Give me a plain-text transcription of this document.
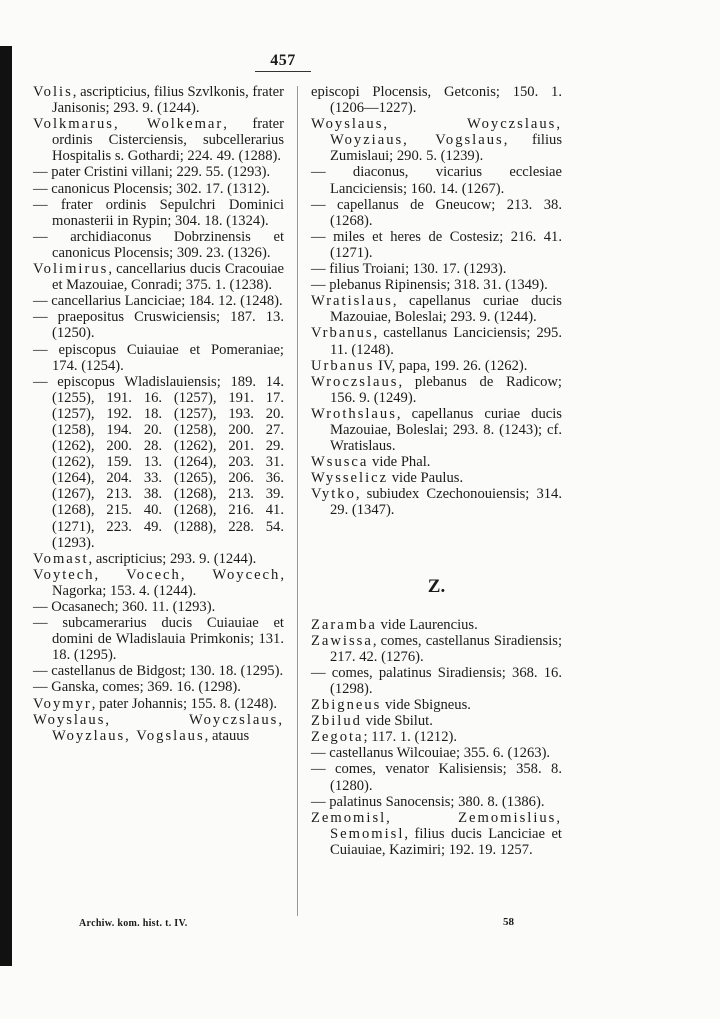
457

Volis, ascripticius, filius Szvlkonis, frater Janisonis; 293. 9. (1244).

Volkmarus, Wolkemar, frater ordinis Cisterciensis, subcellerarius Hospitalis s. Gothardi; 224. 49. (1288).

— pater Cristini villani; 229. 55. (1293).

— canonicus Plocensis; 302. 17. (1312).

— frater ordinis Sepulchri Dominici monasterii in Rypin; 304. 18. (1324).

— archidiaconus Dobrzinensis et canonicus Plocensis; 309. 23. (1326).

Volimirus, cancellarius ducis Cracouiae et Mazouiae, Conradi; 375. 1. (1238).

— cancellarius Lanciciae; 184. 12. (1248).

— praepositus Cruswiciensis; 187. 13. (1250).

— episcopus Cuiauiae et Pomeraniae; 174. (1254).

— episcopus Wladislauiensis; 189. 14. (1255), 191. 16. (1257), 191. 17. (1257), 192. 18. (1257), 193. 20. (1258), 194. 20. (1258), 200. 27. (1262), 200. 28. (1262), 201. 29. (1262), 159. 13. (1264), 203. 31. (1264), 204. 33. (1265), 206. 36. (1267), 213. 38. (1268), 213. 39. (1268), 215. 40. (1268), 216. 41. (1271), 223. 49. (1288), 228. 54. (1293).

Vomast, ascripticius; 293. 9. (1244).

Voytech, Vocech, Woycech, Nagorka; 153. 4. (1244).

— Ocasanech; 360. 11. (1293).

— subcamerarius ducis Cuiauiae et domini de Wladislauia Primkonis; 131. 18. (1295).

— castellanus de Bidgost; 130. 18. (1295).

— Ganska, comes; 369. 16. (1298).

Voymyr, pater Johannis; 155. 8. (1248).

Woyslaus, Woyczslaus, Woyzlaus, Vogslaus, atauus

episcopi Plocensis, Getconis; 150. 1. (1206—1227).

Woyslaus, Woyczslaus, Woyziaus, Vogslaus, filius Zumislaui; 290. 5. (1239).

— diaconus, vicarius ecclesiae Lanciciensis; 160. 14. (1267).

— capellanus de Gneucow; 213. 38. (1268).

— miles et heres de Costesiz; 216. 41. (1271).

— filius Troiani; 130. 17. (1293).

— plebanus Ripinensis; 318. 31. (1349).

Wratislaus, capellanus curiae ducis Mazouiae, Boleslai; 293. 9. (1244).

Vrbanus, castellanus Lanciciensis; 295. 11. (1248).

Urbanus IV, papa, 199. 26. (1262).

Wroczslaus, plebanus de Radicow; 156. 9. (1249).

Wrothslaus, capellanus curiae ducis Mazouiae, Boleslai; 293. 8. (1243); cf. Wratislaus.

Wsusca vide Phal.

Wysselicz vide Paulus.

Vytko, subiudex Czechonouiensis; 314. 29. (1347).

Z.

Zaramba vide Laurencius.

Zawissa, comes, castellanus Siradiensis; 217. 42. (1276).

— comes, palatinus Siradiensis; 368. 16. (1298).

Zbigneus vide Sbigneus.

Zbilud vide Sbilut.

Zegota; 117. 1. (1212).

— castellanus Wilcouiae; 355. 6. (1263).

— comes, venator Kalisiensis; 358. 8. (1280).

— palatinus Sanocensis; 380. 8. (1386).

Zemomisl, Zemomislius, Semomisl, filius ducis Lanciciae et Cuiauiae, Kazimiri; 192. 19. 1257.

Archiw. kom. hist. t. IV.	58
